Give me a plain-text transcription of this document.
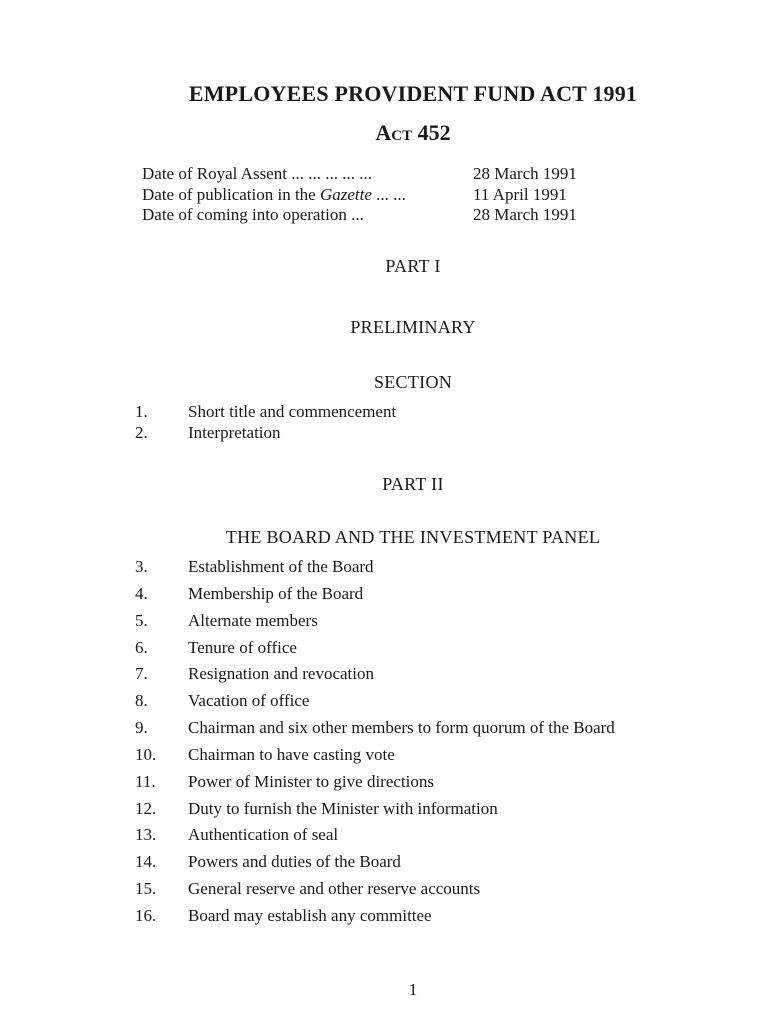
EMPLOYEES PROVIDENT FUND ACT 1991
Act 452
Date of Royal Assent ... ... ... ... ...	28 March 1991
Date of publication in the Gazette ... ...	11 April 1991
Date of coming into operation ...	28 March 1991
PART I
PRELIMINARY
SECTION
1. Short title and commencement
2. Interpretation
PART II
THE BOARD AND THE INVESTMENT PANEL
3. Establishment of the Board
4. Membership of the Board
5. Alternate members
6. Tenure of office
7. Resignation and revocation
8. Vacation of office
9. Chairman and six other members to form quorum of the Board
10. Chairman to have casting vote
11. Power of Minister to give directions
12. Duty to furnish the Minister with information
13. Authentication of seal
14. Powers and duties of the Board
15. General reserve and other reserve accounts
16. Board may establish any committee
1
